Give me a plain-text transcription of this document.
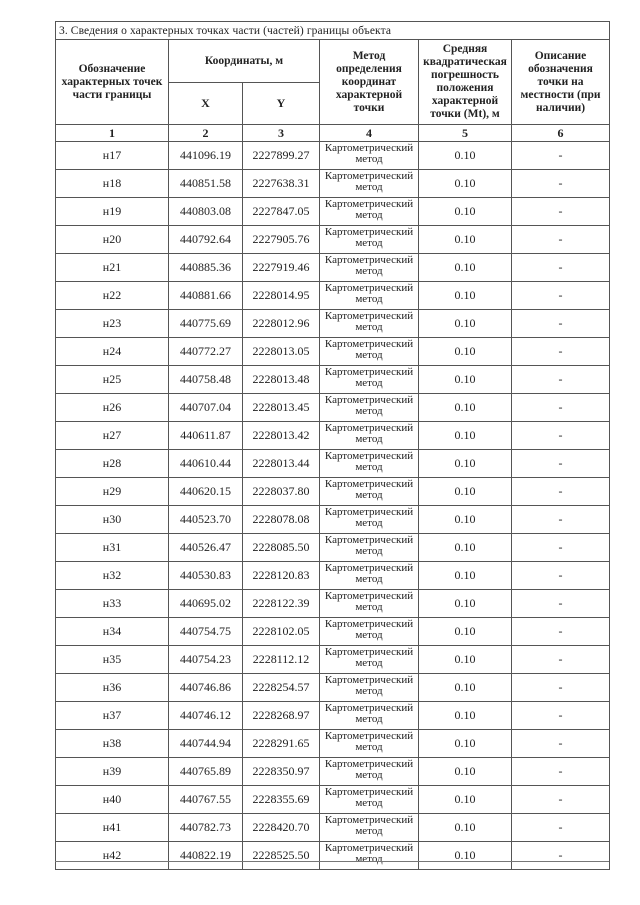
3. Сведения о характерных точках части (частей) границы объекта					
Обозначение характерных точек части границы	Координаты, м		Метод определения координат характерной точки	Средняя квадратическая погрешность положения характерной точки (Mt), м	Описание обозначения точки на местности (при наличии)
	X	Y			
1	2	3	4	5	6
н17	441096.19	2227899.27	Картометрический метод	0.10	-
н18	440851.58	2227638.31	Картометрический метод	0.10	-
н19	440803.08	2227847.05	Картометрический метод	0.10	-
н20	440792.64	2227905.76	Картометрический метод	0.10	-
н21	440885.36	2227919.46	Картометрический метод	0.10	-
н22	440881.66	2228014.95	Картометрический метод	0.10	-
н23	440775.69	2228012.96	Картометрический метод	0.10	-
н24	440772.27	2228013.05	Картометрический метод	0.10	-
н25	440758.48	2228013.48	Картометрический метод	0.10	-
н26	440707.04	2228013.45	Картометрический метод	0.10	-
н27	440611.87	2228013.42	Картометрический метод	0.10	-
н28	440610.44	2228013.44	Картометрический метод	0.10	-
н29	440620.15	2228037.80	Картометрический метод	0.10	-
н30	440523.70	2228078.08	Картометрический метод	0.10	-
н31	440526.47	2228085.50	Картометрический метод	0.10	-
н32	440530.83	2228120.83	Картометрический метод	0.10	-
н33	440695.02	2228122.39	Картометрический метод	0.10	-
н34	440754.75	2228102.05	Картометрический метод	0.10	-
н35	440754.23	2228112.12	Картометрический метод	0.10	-
н36	440746.86	2228254.57	Картометрический метод	0.10	-
н37	440746.12	2228268.97	Картометрический метод	0.10	-
н38	440744.94	2228291.65	Картометрический метод	0.10	-
н39	440765.89	2228350.97	Картометрический метод	0.10	-
н40	440767.55	2228355.69	Картометрический метод	0.10	-
н41	440782.73	2228420.70	Картометрический метод	0.10	-
н42	440822.19	2228525.50	Картометрический метод	0.10	-
